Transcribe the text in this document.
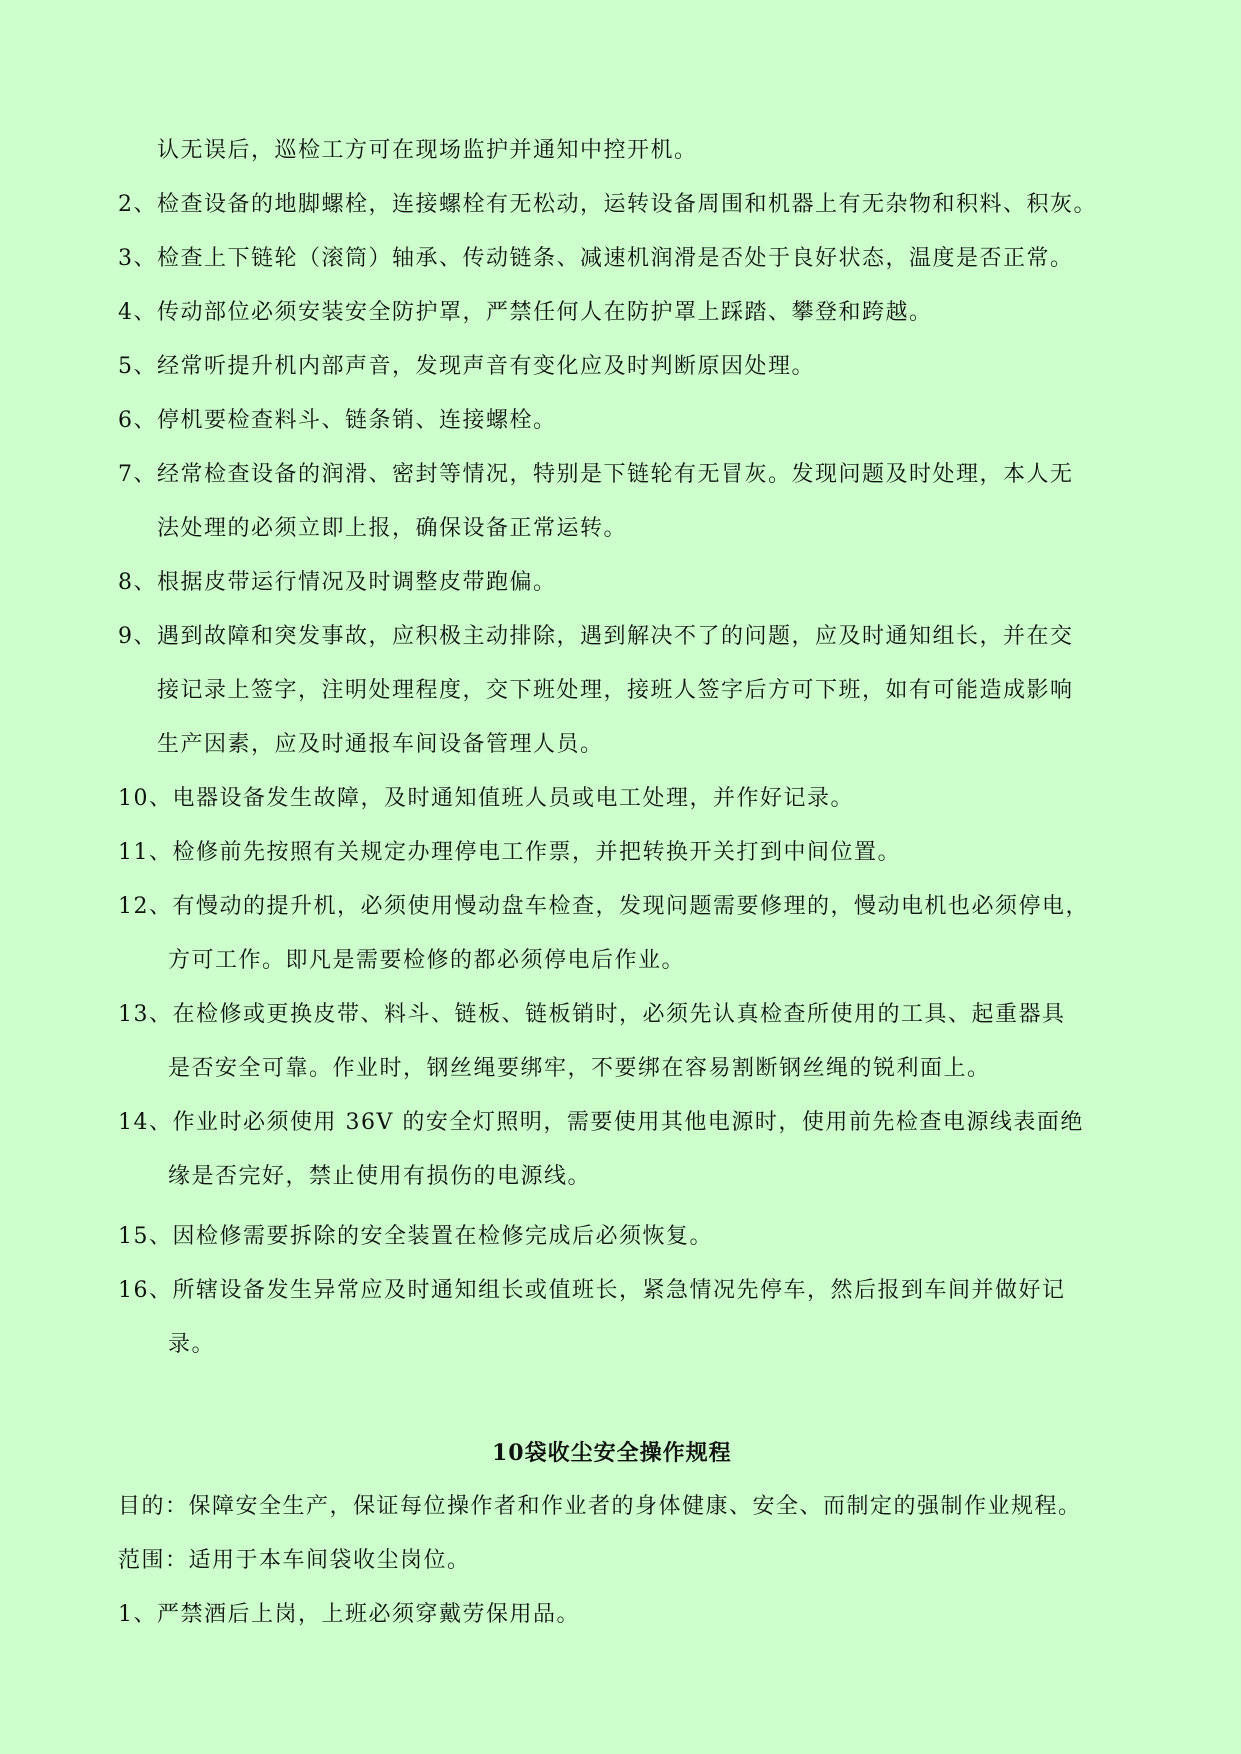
认无误后，巡检工方可在现场监护并通知中控开机。
2、检查设备的地脚螺栓，连接螺栓有无松动，运转设备周围和机器上有无杂物和积料、积灰。
3、检查上下链轮（滚筒）轴承、传动链条、减速机润滑是否处于良好状态，温度是否正常。
4、传动部位必须安装安全防护罩，严禁任何人在防护罩上踩踏、攀登和跨越。
5、经常听提升机内部声音，发现声音有变化应及时判断原因处理。
6、停机要检查料斗、链条销、连接螺栓。
7、经常检查设备的润滑、密封等情况，特别是下链轮有无冒灰。发现问题及时处理，本人无
法处理的必须立即上报，确保设备正常运转。
8、根据皮带运行情况及时调整皮带跑偏。
9、遇到故障和突发事故，应积极主动排除，遇到解决不了的问题，应及时通知组长，并在交
接记录上签字，注明处理程度，交下班处理，接班人签字后方可下班，如有可能造成影响
生产因素，应及时通报车间设备管理人员。
10、电器设备发生故障，及时通知值班人员或电工处理，并作好记录。
11、检修前先按照有关规定办理停电工作票，并把转换开关打到中间位置。
12、有慢动的提升机，必须使用慢动盘车检查，发现问题需要修理的，慢动电机也必须停电，
方可工作。即凡是需要检修的都必须停电后作业。
13、在检修或更换皮带、料斗、链板、链板销时，必须先认真检查所使用的工具、起重器具
是否安全可靠。作业时，钢丝绳要绑牢，不要绑在容易割断钢丝绳的锐利面上。
14、作业时必须使用 36V 的安全灯照明，需要使用其他电源时，使用前先检查电源线表面绝
缘是否完好，禁止使用有损伤的电源线。
15、因检修需要拆除的安全装置在检修完成后必须恢复。
16、所辖设备发生异常应及时通知组长或值班长，紧急情况先停车，然后报到车间并做好记
录。
10袋收尘安全操作规程
目的：保障安全生产，保证每位操作者和作业者的身体健康、安全、而制定的强制作业规程。
范围：适用于本车间袋收尘岗位。
1、严禁酒后上岗，上班必须穿戴劳保用品。
